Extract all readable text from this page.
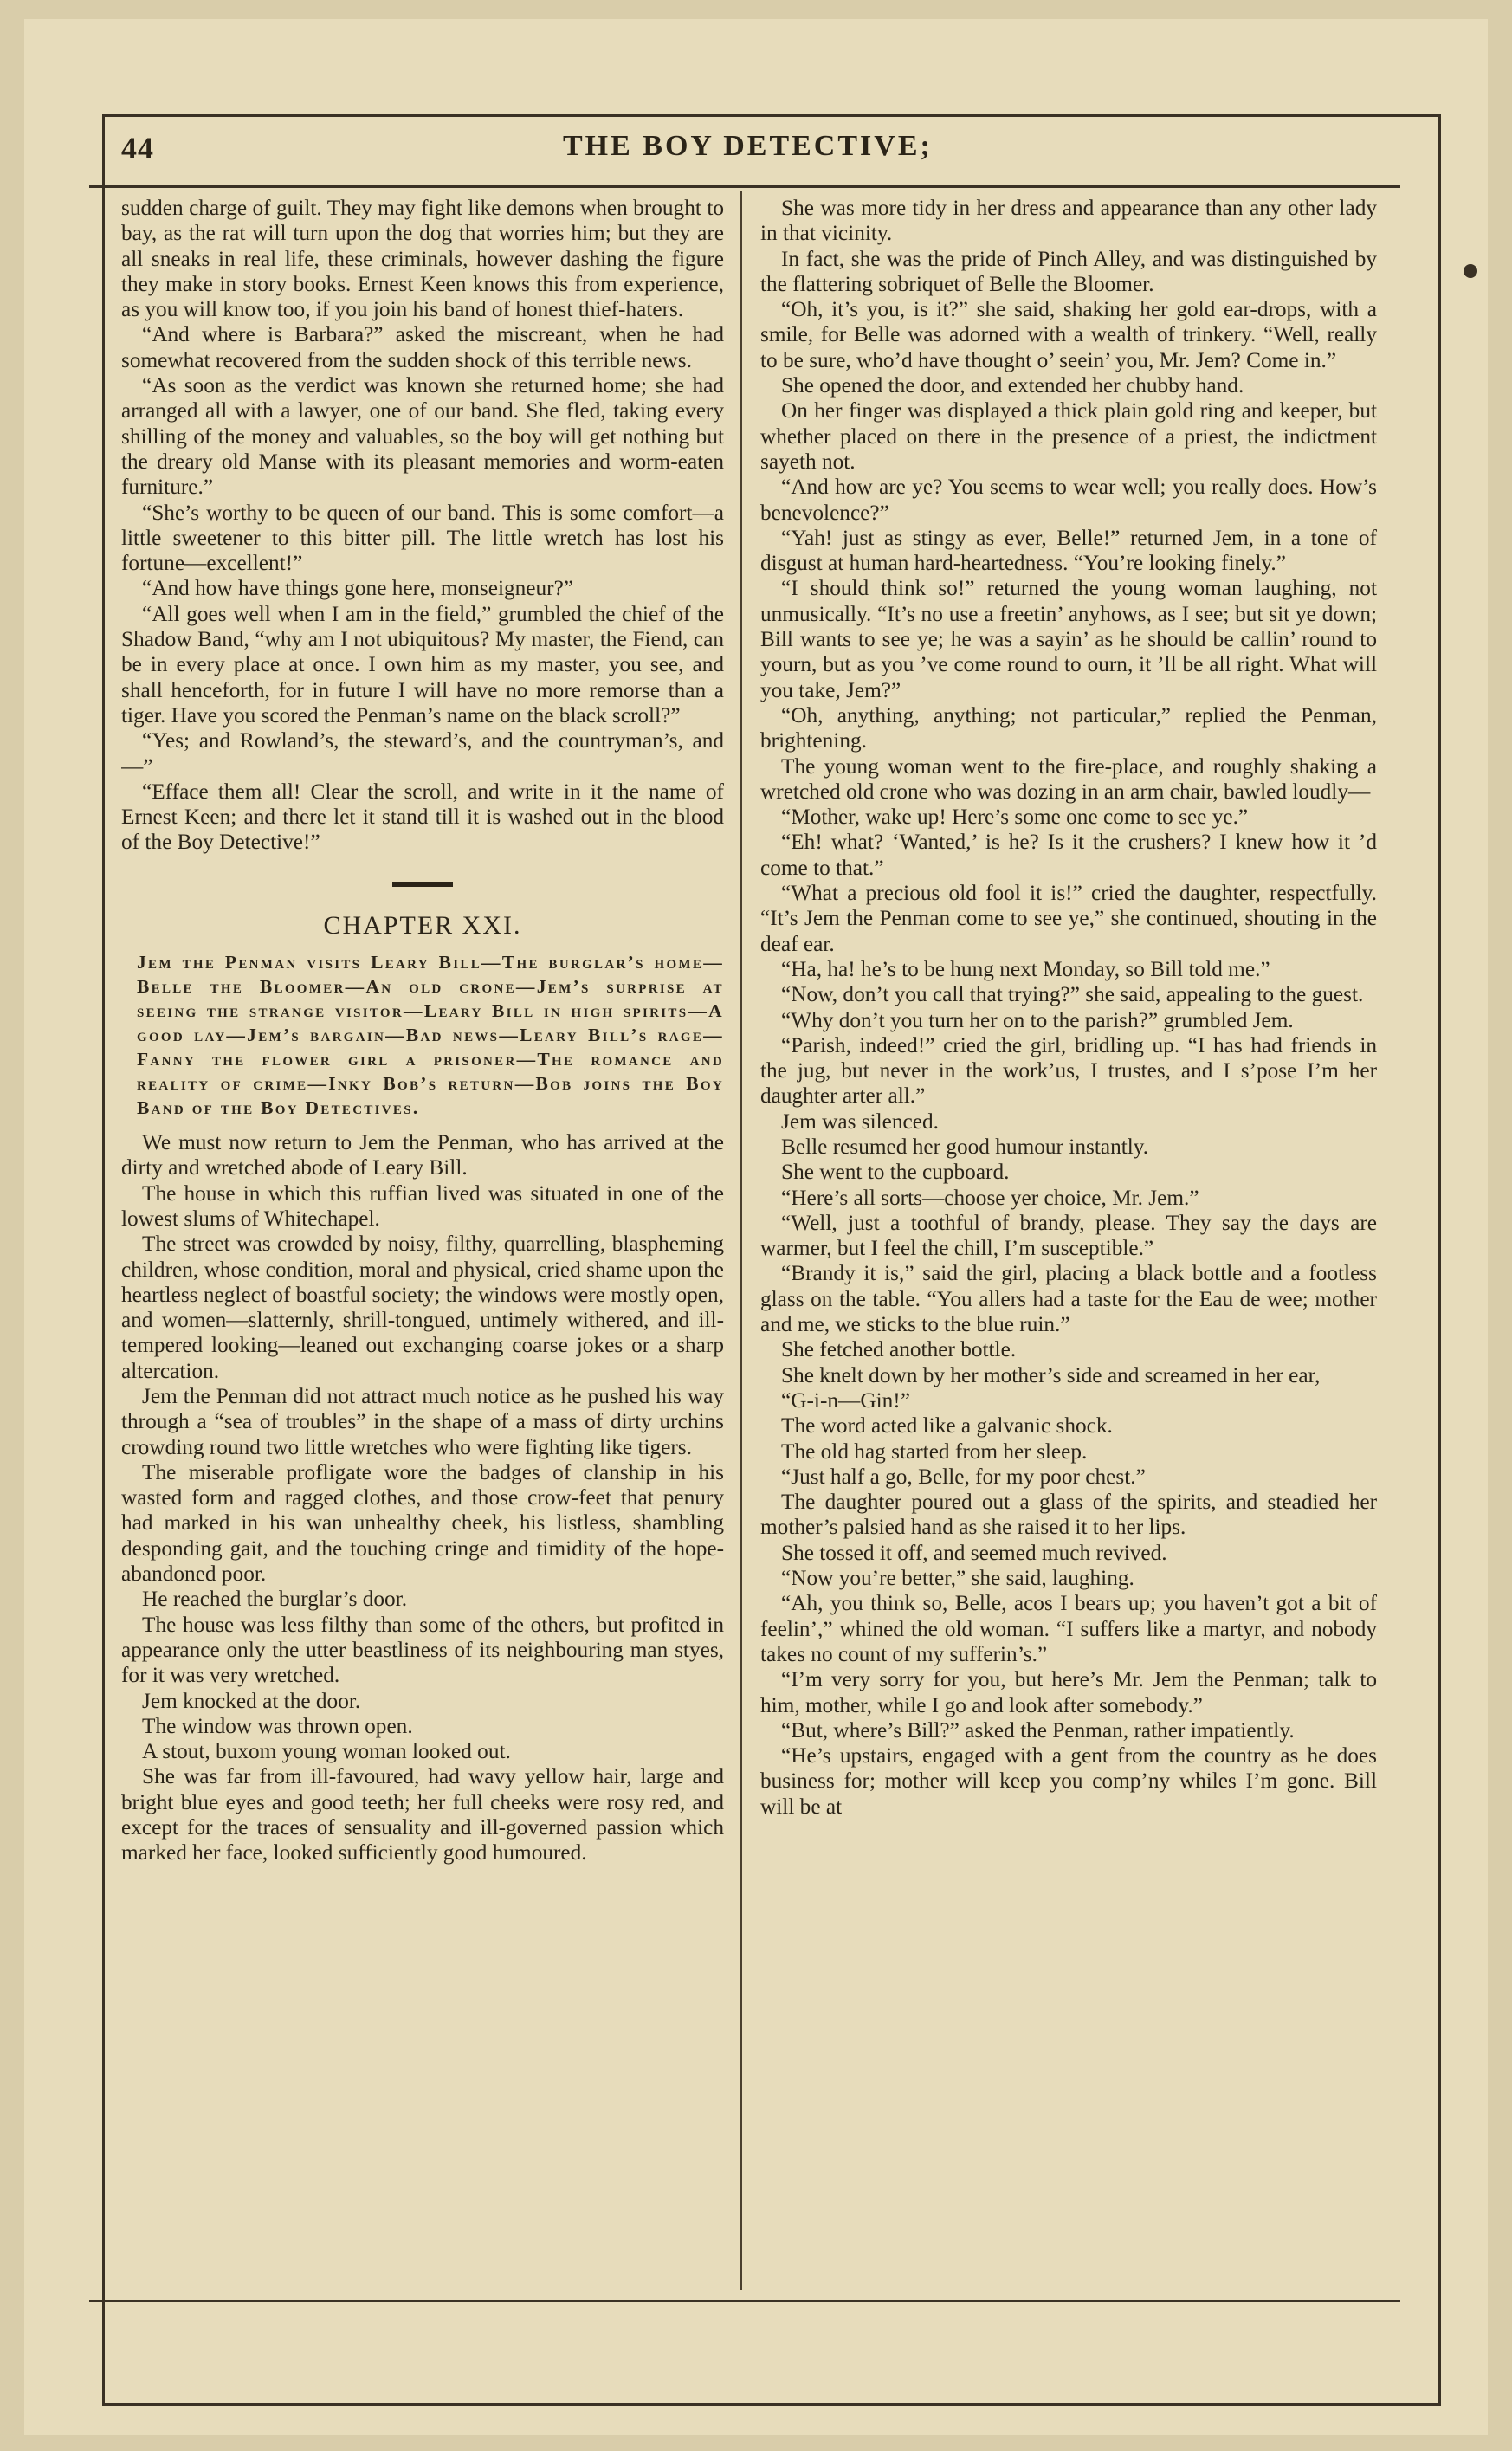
44	THE BOY DETECTIVE;

sudden charge of guilt. They may fight like demons when brought to bay, as the rat will turn upon the dog that worries him; but they are all sneaks in real life, these criminals, however dashing the figure they make in story books. Ernest Keen knows this from experience, as you will know too, if you join his band of honest thief-haters.

“And where is Barbara?” asked the miscreant, when he had somewhat recovered from the sudden shock of this terrible news.

“As soon as the verdict was known she returned home; she had arranged all with a lawyer, one of our band. She fled, taking every shilling of the money and valuables, so the boy will get nothing but the dreary old Manse with its pleasant memories and worm-eaten furniture.”

“She’s worthy to be queen of our band. This is some comfort—a little sweetener to this bitter pill. The little wretch has lost his fortune—excellent!”

“And how have things gone here, monseigneur?”

“All goes well when I am in the field,” grumbled the chief of the Shadow Band, “why am I not ubiquitous? My master, the Fiend, can be in every place at once. I own him as my master, you see, and shall henceforth, for in future I will have no more remorse than a tiger. Have you scored the Penman’s name on the black scroll?”

“Yes; and Rowland’s, the steward’s, and the countryman’s, and—”

“Efface them all! Clear the scroll, and write in it the name of Ernest Keen; and there let it stand till it is washed out in the blood of the Boy Detective!”

CHAPTER XXI.
Jem the Penman visits Leary Bill—The burglar’s home—Belle the Bloomer—An old crone—Jem’s surprise at seeing the strange visitor—Leary Bill in high spirits—A good lay—Jem’s bargain—Bad news—Leary Bill’s rage—Fanny the flower girl a prisoner—The romance and reality of crime—Inky Bob’s return—Bob joins the Boy Band of the Boy Detectives.

We must now return to Jem the Penman, who has arrived at the dirty and wretched abode of Leary Bill.

The house in which this ruffian lived was situated in one of the lowest slums of Whitechapel.

The street was crowded by noisy, filthy, quarrelling, blaspheming children, whose condition, moral and physical, cried shame upon the heartless neglect of boastful society; the windows were mostly open, and women—slatternly, shrill-tongued, untimely withered, and ill-tempered looking—leaned out exchanging coarse jokes or a sharp altercation.

Jem the Penman did not attract much notice as he pushed his way through a “sea of troubles” in the shape of a mass of dirty urchins crowding round two little wretches who were fighting like tigers.

The miserable profligate wore the badges of clanship in his wasted form and ragged clothes, and those crow-feet that penury had marked in his wan unhealthy cheek, his listless, shambling desponding gait, and the touching cringe and timidity of the hope-abandoned poor.

He reached the burglar’s door.

The house was less filthy than some of the others, but profited in appearance only the utter beastliness of its neighbouring man styes, for it was very wretched.

Jem knocked at the door.

The window was thrown open.

A stout, buxom young woman looked out.

She was far from ill-favoured, had wavy yellow hair, large and bright blue eyes and good teeth; her full cheeks were rosy red, and except for the traces of sensuality and ill-governed passion which marked her face, looked sufficiently good humoured.

She was more tidy in her dress and appearance than any other lady in that vicinity.

In fact, she was the pride of Pinch Alley, and was distinguished by the flattering sobriquet of Belle the Bloomer.

“Oh, it’s you, is it?” she said, shaking her gold ear-drops, with a smile, for Belle was adorned with a wealth of trinkery. “Well, really to be sure, who’d have thought o’ seein’ you, Mr. Jem? Come in.”

She opened the door, and extended her chubby hand.

On her finger was displayed a thick plain gold ring and keeper, but whether placed on there in the presence of a priest, the indictment sayeth not.

“And how are ye? You seems to wear well; you really does. How’s benevolence?”

“Yah! just as stingy as ever, Belle!” returned Jem, in a tone of disgust at human hard-heartedness. “You’re looking finely.”

“I should think so!” returned the young woman laughing, not unmusically. “It’s no use a freetin’ anyhows, as I see; but sit ye down; Bill wants to see ye; he was a sayin’ as he should be callin’ round to yourn, but as you ’ve come round to ourn, it ’ll be all right. What will you take, Jem?”

“Oh, anything, anything; not particular,” replied the Penman, brightening.

The young woman went to the fire-place, and roughly shaking a wretched old crone who was dozing in an arm chair, bawled loudly—

“Mother, wake up! Here’s some one come to see ye.”

“Eh! what? ‘Wanted,’ is he? Is it the crushers? I knew how it ’d come to that.”

“What a precious old fool it is!” cried the daughter, respectfully. “It’s Jem the Penman come to see ye,” she continued, shouting in the deaf ear.

“Ha, ha! he’s to be hung next Monday, so Bill told me.”

“Now, don’t you call that trying?” she said, appealing to the guest.

“Why don’t you turn her on to the parish?” grumbled Jem.

“Parish, indeed!” cried the girl, bridling up. “I has had friends in the jug, but never in the work’us, I trustes, and I s’pose I’m her daughter arter all.”

Jem was silenced.

Belle resumed her good humour instantly.

She went to the cupboard.

“Here’s all sorts—choose yer choice, Mr. Jem.”

“Well, just a toothful of brandy, please. They say the days are warmer, but I feel the chill, I’m susceptible.”

“Brandy it is,” said the girl, placing a black bottle and a footless glass on the table. “You allers had a taste for the Eau de wee; mother and me, we sticks to the blue ruin.”

She fetched another bottle.

She knelt down by her mother’s side and screamed in her ear,

“G-i-n—Gin!”

The word acted like a galvanic shock.

The old hag started from her sleep.

“Just half a go, Belle, for my poor chest.”

The daughter poured out a glass of the spirits, and steadied her mother’s palsied hand as she raised it to her lips.

She tossed it off, and seemed much revived.

“Now you’re better,” she said, laughing.

“Ah, you think so, Belle, acos I bears up; you haven’t got a bit of feelin’,” whined the old woman. “I suffers like a martyr, and nobody takes no count of my sufferin’s.”

“I’m very sorry for you, but here’s Mr. Jem the Penman; talk to him, mother, while I go and look after somebody.”

“But, where’s Bill?” asked the Penman, rather impatiently.

“He’s upstairs, engaged with a gent from the country as he does business for; mother will keep you comp’ny whiles I’m gone. Bill will be at
